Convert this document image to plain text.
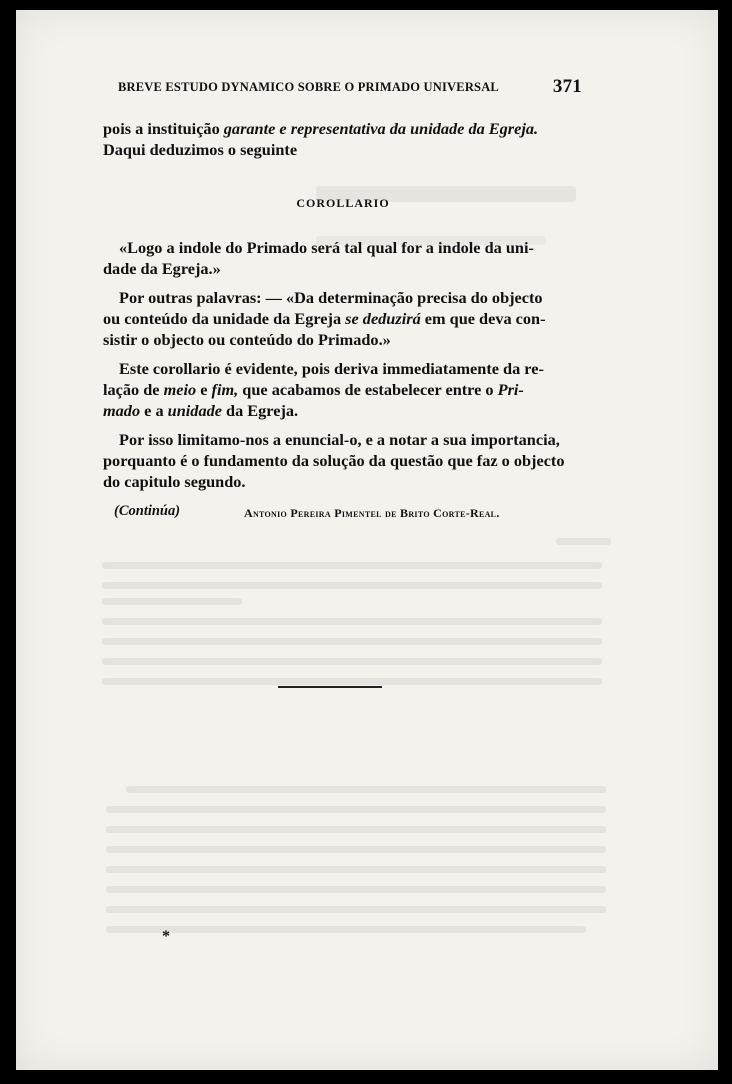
BREVE ESTUDO DYNAMICO SOBRE O PRIMADO UNIVERSAL	371

pois a instituição garante e representativa da unidade da Egreja.

Daqui deduzimos o seguinte

COROLLARIO

«Logo a indole do Primado será tal qual for a indole da uni-

dade da Egreja.»

Por outras palavras: — «Da determinação precisa do objecto

ou conteúdo da unidade da Egreja se deduzirá em que deva con-

sistir o objecto ou conteúdo do Primado.»

Este corollario é evidente, pois deriva immediatamente da re-

lação de meio e fim, que acabamos de estabelecer entre o Pri-

mado e a unidade da Egreja.

Por isso limitamo-nos a enuncial-o, e a notar a sua importancia,

porquanto é o fundamento da solução da questão que faz o objecto

do capitulo segundo.

(Continúa)	Antonio Pereira Pimentel de Brito Corte-Real.
*
